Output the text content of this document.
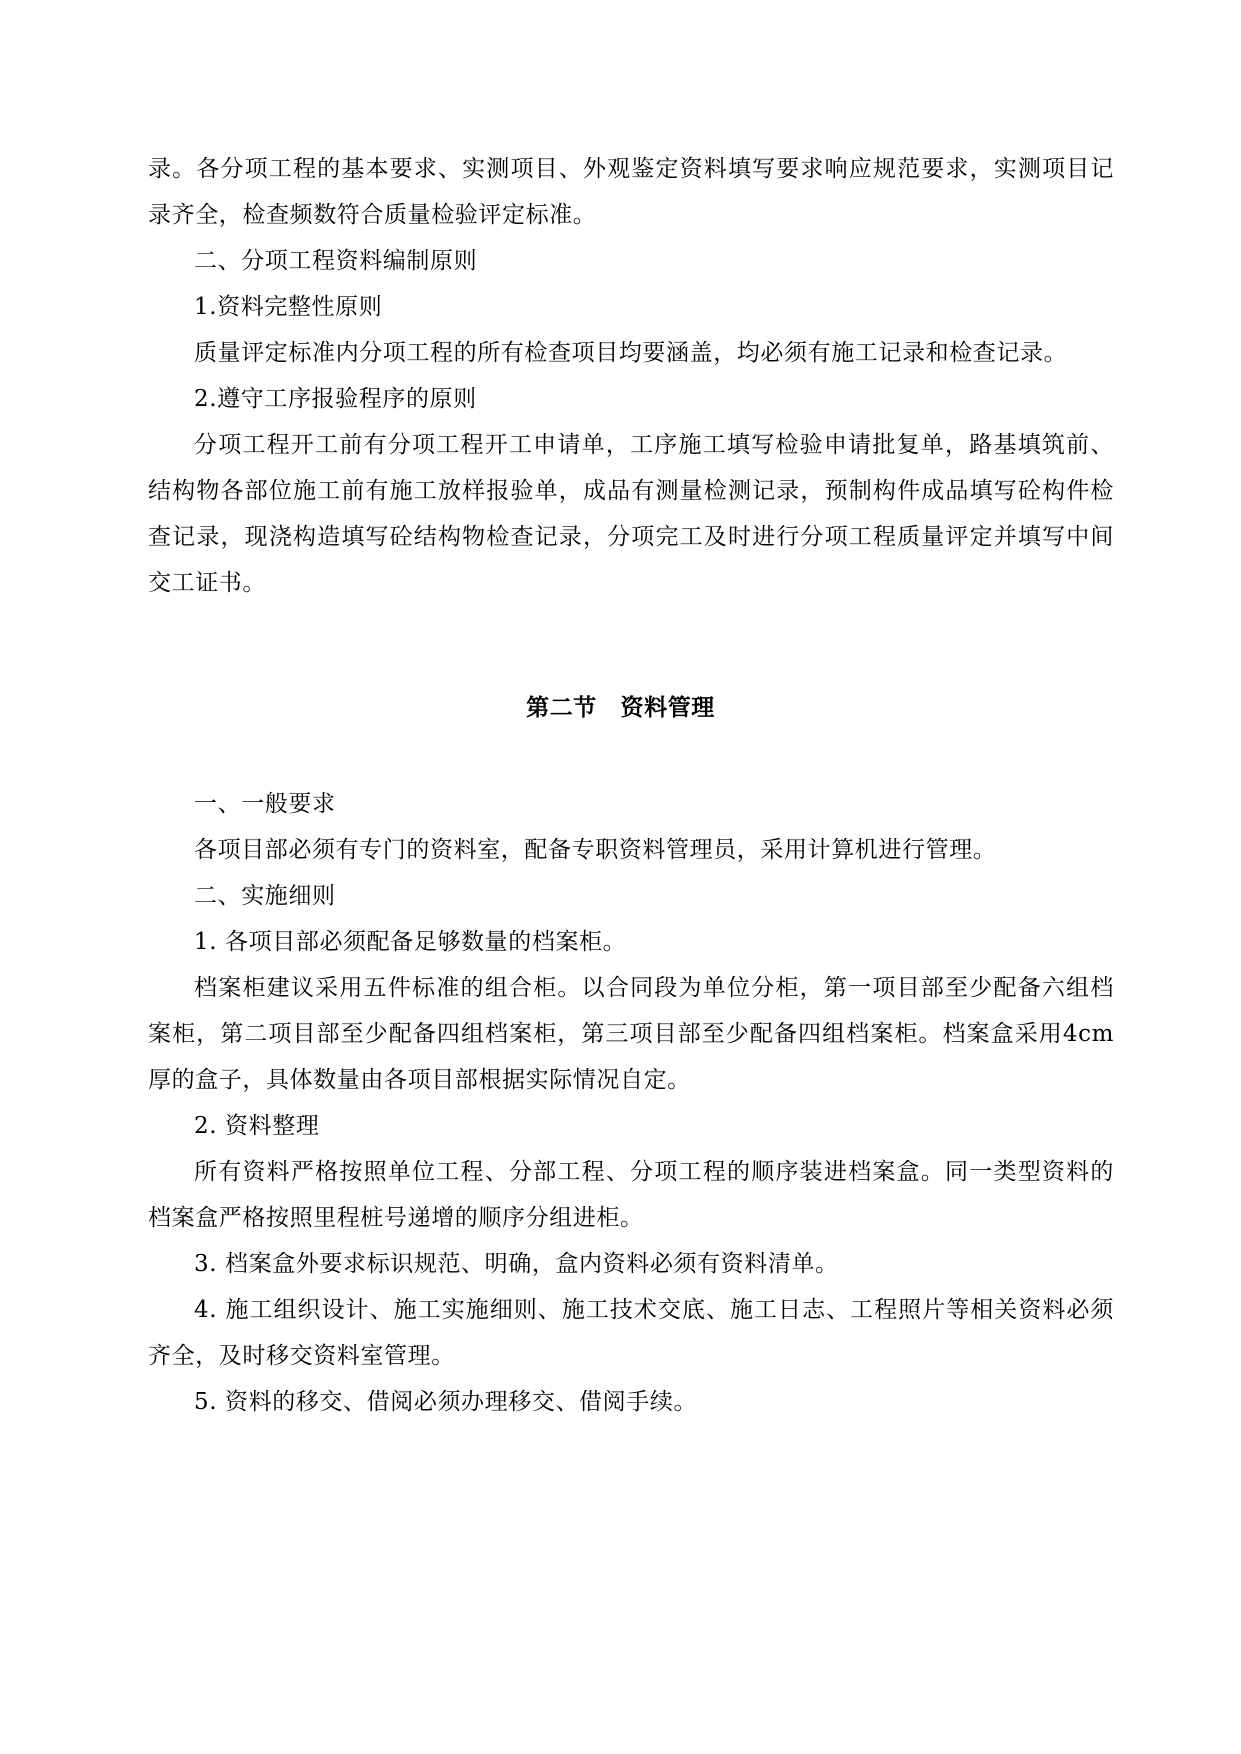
录。各分项工程的基本要求、实测项目、外观鉴定资料填写要求响应规范要求，实测项目记录齐全，检查频数符合质量检验评定标准。

二、分项工程资料编制原则

1.资料完整性原则

质量评定标准内分项工程的所有检查项目均要涵盖，均必须有施工记录和检查记录。

2.遵守工序报验程序的原则

分项工程开工前有分项工程开工申请单，工序施工填写检验申请批复单，路基填筑前、结构物各部位施工前有施工放样报验单，成品有测量检测记录，预制构件成品填写砼构件检查记录，现浇构造填写砼结构物检查记录，分项完工及时进行分项工程质量评定并填写中间交工证书。

第二节　资料管理

一、一般要求

各项目部必须有专门的资料室，配备专职资料管理员，采用计算机进行管理。

二、实施细则

1. 各项目部必须配备足够数量的档案柜。

档案柜建议采用五件标准的组合柜。以合同段为单位分柜，第一项目部至少配备六组档案柜，第二项目部至少配备四组档案柜，第三项目部至少配备四组档案柜。档案盒采用4cm厚的盒子，具体数量由各项目部根据实际情况自定。

2. 资料整理

所有资料严格按照单位工程、分部工程、分项工程的顺序装进档案盒。同一类型资料的档案盒严格按照里程桩号递增的顺序分组进柜。

3. 档案盒外要求标识规范、明确，盒内资料必须有资料清单。

4. 施工组织设计、施工实施细则、施工技术交底、施工日志、工程照片等相关资料必须齐全，及时移交资料室管理。

5. 资料的移交、借阅必须办理移交、借阅手续。
